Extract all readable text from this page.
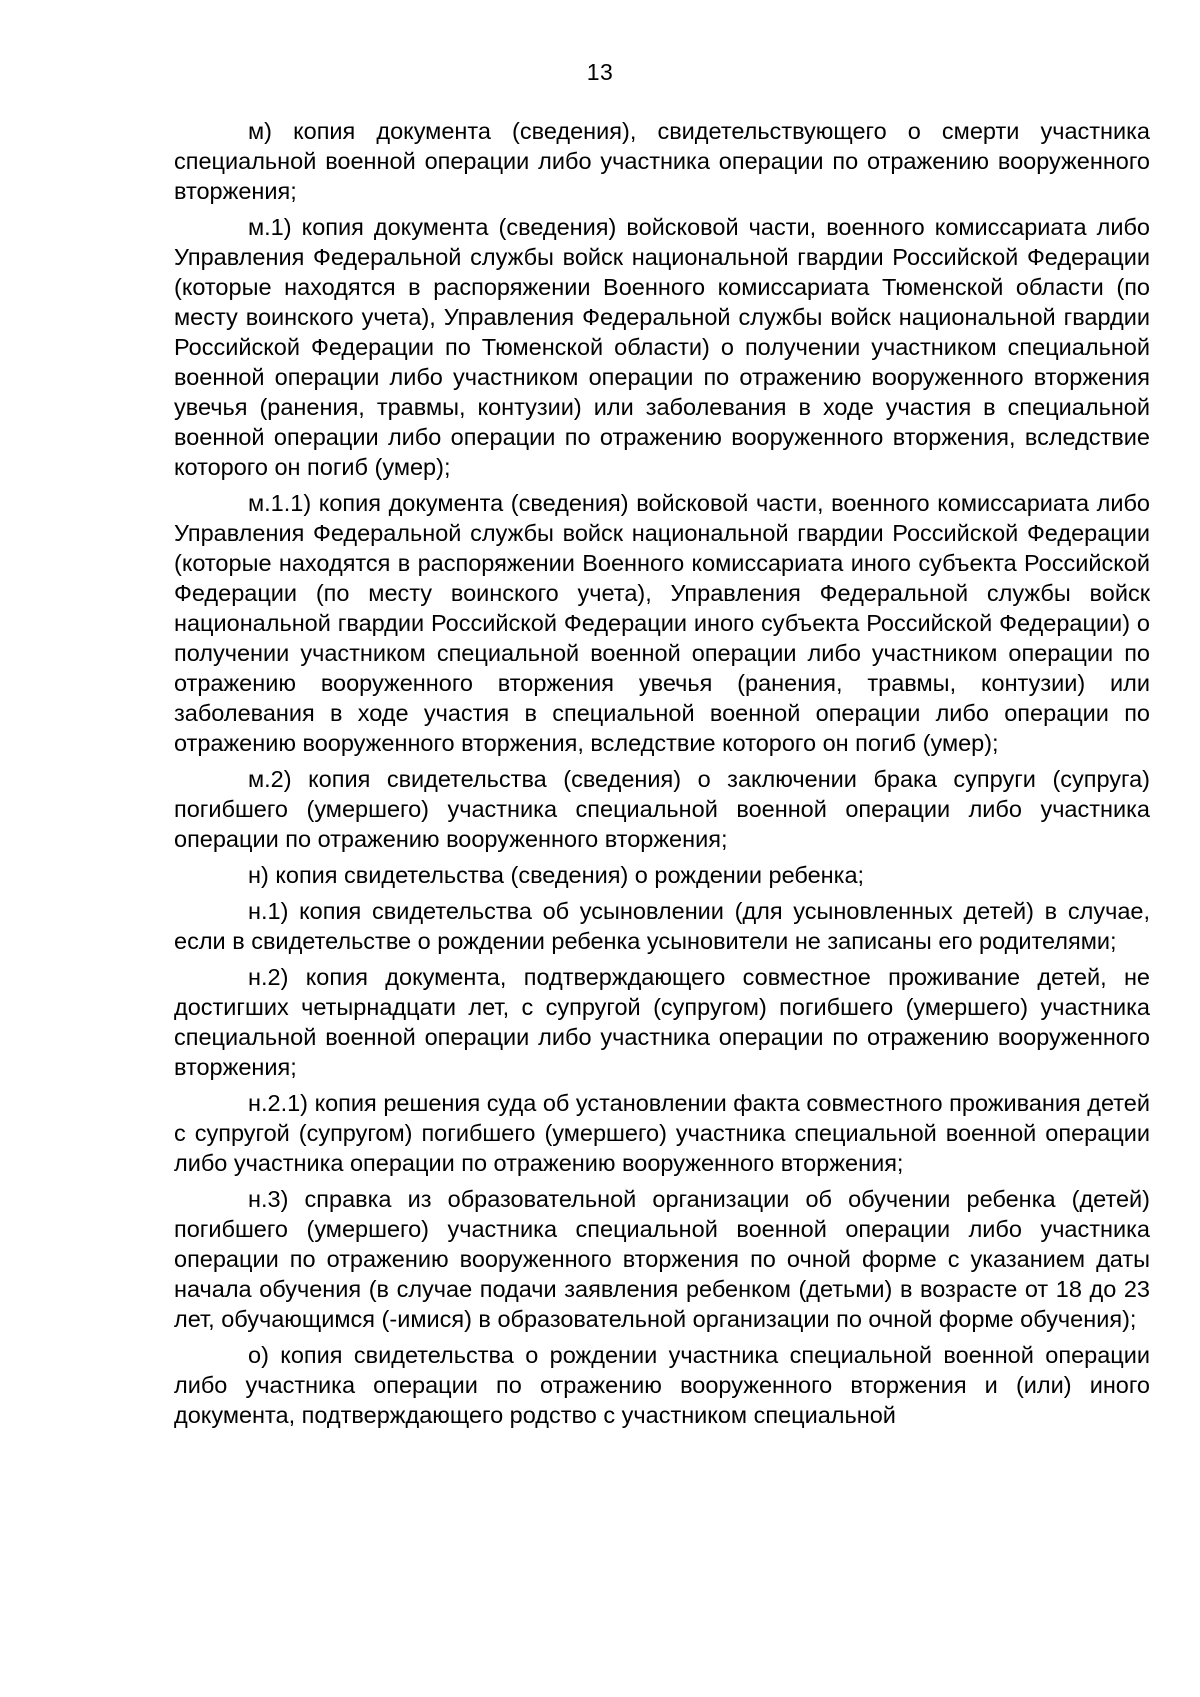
13

м) копия документа (сведения), свидетельствующего о смерти участника специальной военной операции либо участника операции по отражению вооруженного вторжения;

м.1) копия документа (сведения) войсковой части, военного комиссариата либо Управления Федеральной службы войск национальной гвардии Российской Федерации (которые находятся в распоряжении Военного комиссариата Тюменской области (по месту воинского учета), Управления Федеральной службы войск национальной гвардии Российской Федерации по Тюменской области) о получении участником специальной военной операции либо участником операции по отражению вооруженного вторжения увечья (ранения, травмы, контузии) или заболевания в ходе участия в специальной военной операции либо операции по отражению вооруженного вторжения, вследствие которого он погиб (умер);

м.1.1) копия документа (сведения) войсковой части, военного комиссариата либо Управления Федеральной службы войск национальной гвардии Российской Федерации (которые находятся в распоряжении Военного комиссариата иного субъекта Российской Федерации (по месту воинского учета), Управления Федеральной службы войск национальной гвардии Российской Федерации иного субъекта Российской Федерации) о получении участником специальной военной операции либо участником операции по отражению вооруженного вторжения увечья (ранения, травмы, контузии) или заболевания в ходе участия в специальной военной операции либо операции по отражению вооруженного вторжения, вследствие которого он погиб (умер);

м.2) копия свидетельства (сведения) о заключении брака супруги (супруга) погибшего (умершего) участника специальной военной операции либо участника операции по отражению вооруженного вторжения;

н) копия свидетельства (сведения) о рождении ребенка;

н.1) копия свидетельства об усыновлении (для усыновленных детей) в случае, если в свидетельстве о рождении ребенка усыновители не записаны его родителями;

н.2) копия документа, подтверждающего совместное проживание детей, не достигших четырнадцати лет, с супругой (супругом) погибшего (умершего) участника специальной военной операции либо участника операции по отражению вооруженного вторжения;

н.2.1) копия решения суда об установлении факта совместного проживания детей с супругой (супругом) погибшего (умершего) участника специальной военной операции либо участника операции по отражению вооруженного вторжения;

н.3) справка из образовательной организации об обучении ребенка (детей) погибшего (умершего) участника специальной военной операции либо участника операции по отражению вооруженного вторжения по очной форме с указанием даты начала обучения (в случае подачи заявления ребенком (детьми) в возрасте от 18 до 23 лет, обучающимся (-имися) в образовательной организации по очной форме обучения);

о) копия свидетельства о рождении участника специальной военной операции либо участника операции по отражению вооруженного вторжения и (или) иного документа, подтверждающего родство с участником специальной
